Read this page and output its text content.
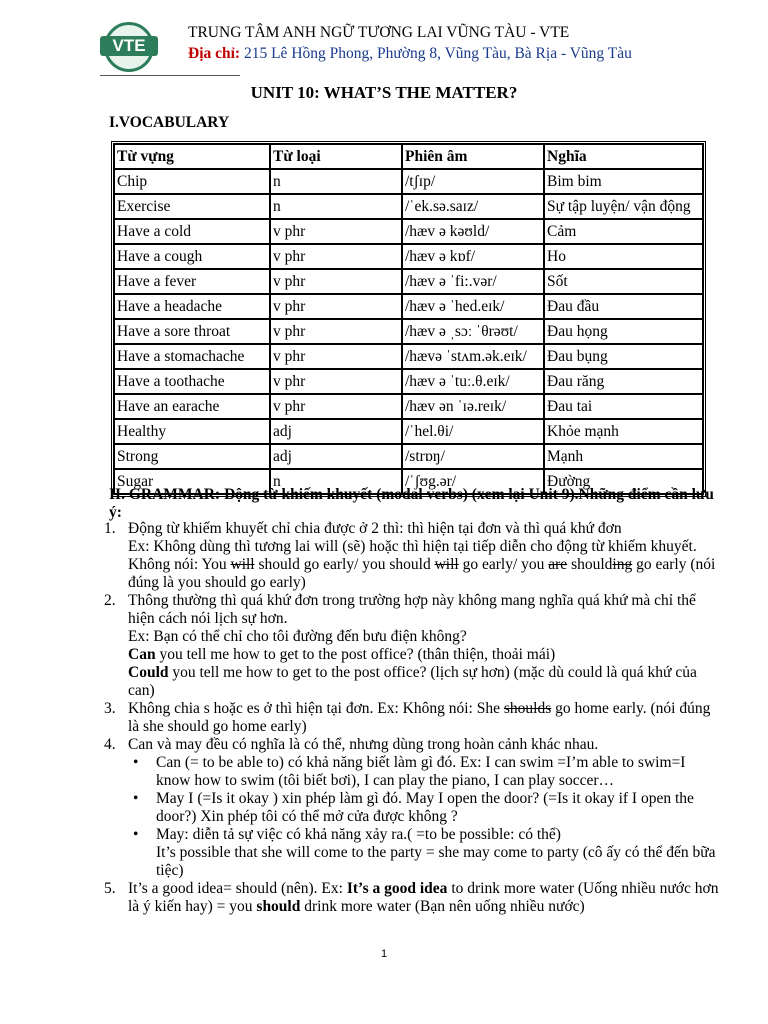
VTE
TRUNG TÂM ANH NGỮ TƯƠNG LAI VŨNG TÀU - VTE
Địa chỉ: 215 Lê Hồng Phong, Phường 8, Vũng Tàu, Bà Rịa - Vũng Tàu
UNIT 10: WHAT’S THE MATTER?
I.VOCABULARY
Từ vựng	Từ loại	Phiên âm	Nghĩa
Chip	n	/tʃɪp/	Bim bim
Exercise	n	/ˈek.sə.saɪz/	Sự tập luyện/ vận động
Have a cold	v phr	/hæv ə kəʊld/	Cảm
Have a cough	v phr	/hæv ə kɒf/	Ho
Have a fever	v phr	/hæv ə ˈfi:.vər/	Sốt
Have a headache	v phr	/hæv ə ˈhed.eɪk/	Đau đầu
Have a sore throat	v phr	/hæv ə ˌsɔː ˈθrəʊt/	Đau họng
Have a stomachache	v phr	/hævə ˈstʌm.ək.eɪk/	Đau bụng
Have a toothache	v phr	/hæv ə ˈtuː.θ.eɪk/	Đau răng
Have an earache	v phr	/hæv ən ˈɪə.reɪk/	Đau tai
Healthy	adj	/ˈhel.θi/	Khỏe mạnh
Strong	adj	/strɒŋ/	Mạnh
Sugar	n	/ˈʃʊg.ər/	Đường
II. GRAMMAR: Động từ khiếm khuyết (modal verbs) (xem lại Unit 9).Những điểm cần lưu ý:
1. Động từ khiếm khuyết chỉ chia được ở 2 thì: thì hiện tại đơn và thì quá khứ đơn
Ex: Không dùng thì tương lai will (sẽ) hoặc thì hiện tại tiếp diễn cho động từ khiếm khuyết. Không nói: You will should go early/ you should will go early/ you are shoulding go early (nói đúng là you should go early)
2. Thông thường thì quá khứ đơn trong trường hợp này không mang nghĩa quá khứ mà chỉ thể hiện cách nói lịch sự hơn.
Ex: Bạn có thể chỉ cho tôi đường đến bưu điện không?
Can you tell me how to get to the post office? (thân thiện, thoải mái)
Could you tell me how to get to the post office? (lịch sự hơn) (mặc dù could là quá khứ của can)
3. Không chia s hoặc es ở thì hiện tại đơn. Ex: Không nói: She shoulds go home early. (nói đúng là she should go home early)
4. Can và may đều có nghĩa là có thể, nhưng dùng trong hoàn cảnh khác nhau.
• Can (= to be able to) có khả năng biết làm gì đó. Ex: I can swim =I’m able to swim=I know how to swim (tôi biết bơi), I can play the piano, I can play soccer…
• May I (=Is it okay ) xin phép làm gì đó. May I open the door? (=Is it okay if I open the door?) Xin phép tôi có thể mở cửa được không ?
• May: diễn tả sự việc có khả năng xảy ra.( =to be possible: có thể)
It’s possible that she will come to the party = she may come to party (cô ấy có thể đến bữa tiệc)
5. It’s a good idea= should (nên). Ex: It’s a good idea to drink more water (Uống nhiều nước hơn là ý kiến hay) = you should drink more water (Bạn nên uống nhiều nước)
1
